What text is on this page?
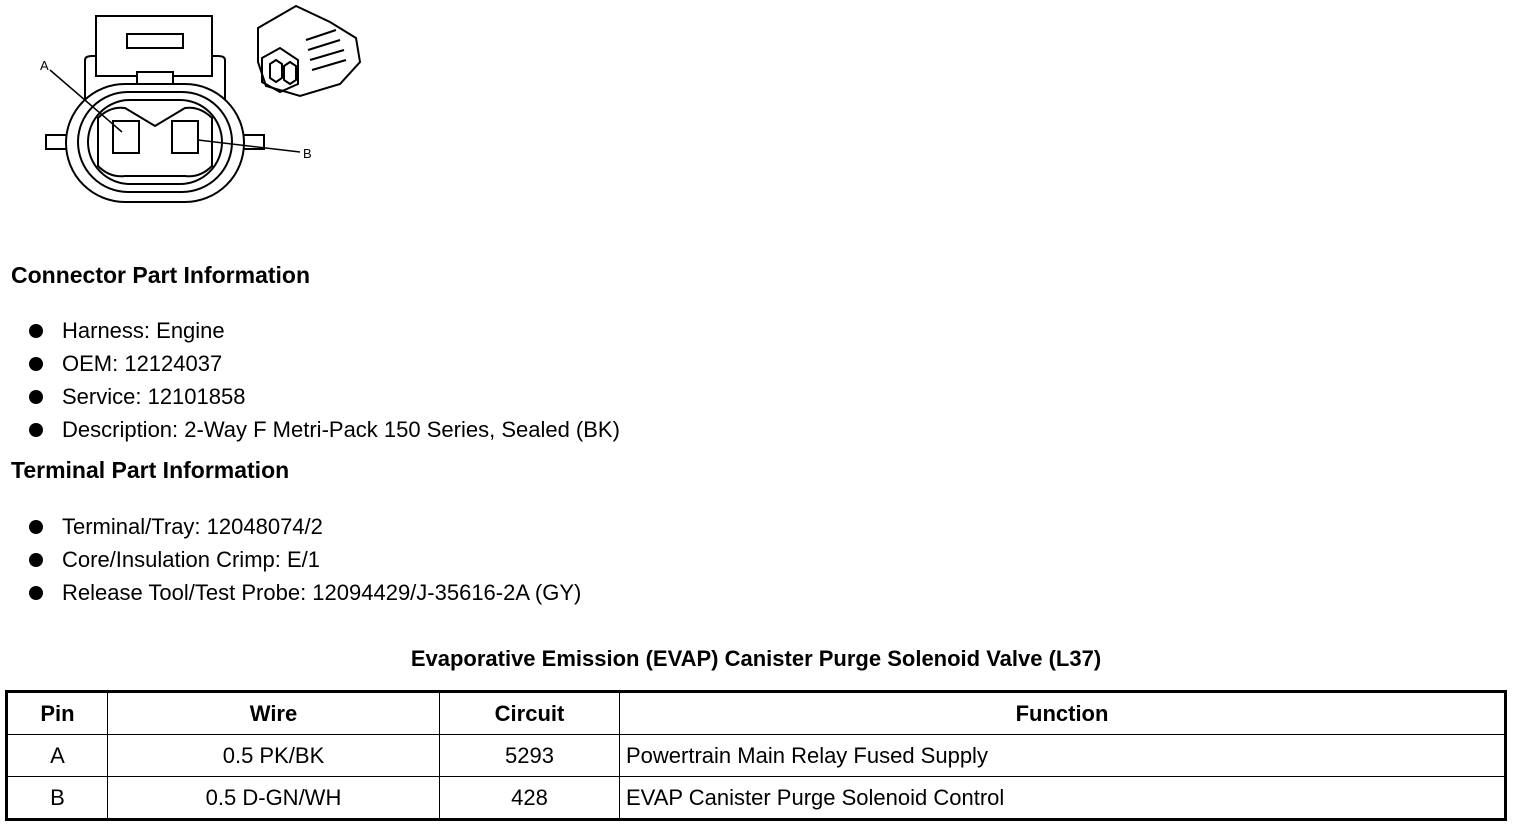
A
B
Connector Part Information
Harness: Engine
OEM: 12124037
Service: 12101858
Description: 2-Way F Metri-Pack 150 Series, Sealed (BK)
Terminal Part Information
Terminal/Tray: 12048074/2
Core/Insulation Crimp: E/1
Release Tool/Test Probe: 12094429/J-35616-2A (GY)
Evaporative Emission (EVAP) Canister Purge Solenoid Valve (L37)
Pin	Wire	Circuit	Function
A	0.5 PK/BK	5293	Powertrain Main Relay Fused Supply
B	0.5 D-GN/WH	428	EVAP Canister Purge Solenoid Control
